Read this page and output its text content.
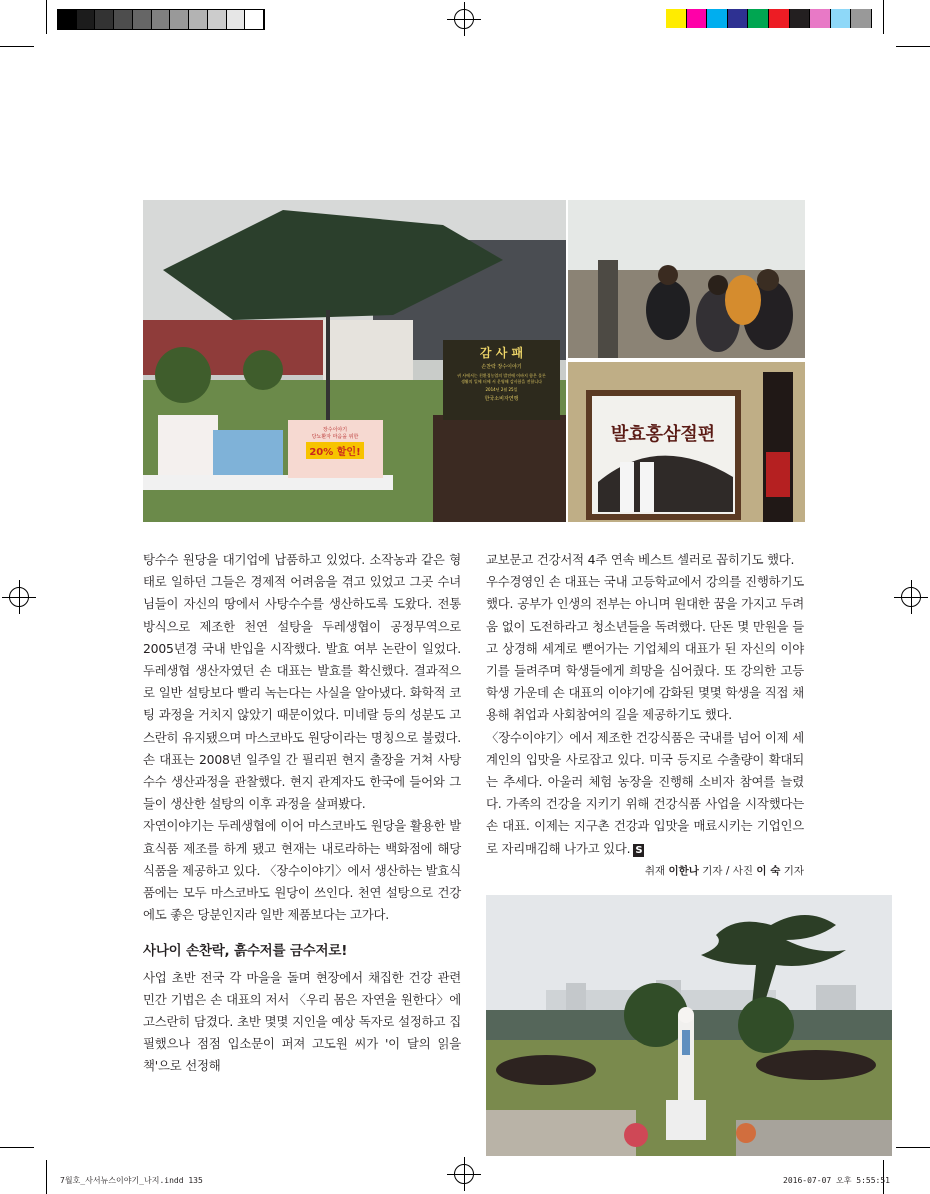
감 사 패
손찬락 장수이야기
귀 사에서는 친환경농업의 발전에 이바지 함은 물론
생활의 일에 터에 서 운영해 감사함을 전합니다
2014년 2월 25일
한국소비자연맹
장수이야기
당뇨환자 마음을 위한
20% 할인!
발효홍삼절편

탕수수 원당을 대기업에 납품하고 있었다. 소작농과 같은 형태로 일하던 그들은 경제적 어려움을 겪고 있었고 그곳 수녀님들이 자신의 땅에서 사탕수수를 생산하도록 도왔다. 전통방식으로 제조한 천연 설탕을 두레생협이 공정무역으로 2005년경 국내 반입을 시작했다. 발효 여부 논란이 일었다. 두레생협 생산자였던 손 대표는 발효를 확신했다. 결과적으로 일반 설탕보다 빨리 녹는다는 사실을 알아냈다. 화학적 코팅 과정을 거치지 않았기 때문이었다. 미네랄 등의 성분도 고스란히 유지됐으며 마스코바도 원당이라는 명칭으로 불렸다. 손 대표는 2008년 일주일 간 필리핀 현지 출장을 거쳐 사탕수수 생산과정을 관찰했다. 현지 관계자도 한국에 들어와 그들이 생산한 설탕의 이후 과정을 살펴봤다.

자연이야기는 두레생협에 이어 마스코바도 원당을 활용한 발효식품 제조를 하게 됐고 현재는 내로라하는 백화점에 해당 식품을 제공하고 있다. 〈장수이야기〉에서 생산하는 발효식품에는 모두 마스코바도 원당이 쓰인다. 천연 설탕으로 건강에도 좋은 당분인지라 일반 제품보다는 고가다.

사나이 손찬락, 흙수저를 금수저로!

사업 초반 전국 각 마을을 돌며 현장에서 채집한 건강 관련 민간 기법은 손 대표의 저서 〈우리 몸은 자연을 원한다〉에 고스란히 담겼다. 초반 몇몇 지인을 예상 독자로 설정하고 집필했으나 점점 입소문이 퍼져 고도원 씨가 '이 달의 읽을 책'으로 선정해

교보문고 건강서적 4주 연속 베스트 셀러로 꼽히기도 했다.

우수경영인 손 대표는 국내 고등학교에서 강의를 진행하기도 했다. 공부가 인생의 전부는 아니며 원대한 꿈을 가지고 두려움 없이 도전하라고 청소년들을 독려했다. 단돈 몇 만원을 들고 상경해 세계로 뻗어가는 기업체의 대표가 된 자신의 이야기를 들려주며 학생들에게 희망을 심어줬다. 또 강의한 고등학생 가운데 손 대표의 이야기에 감화된 몇몇 학생을 직접 채용해 취업과 사회참여의 길을 제공하기도 했다.

〈장수이야기〉에서 제조한 건강식품은 국내를 넘어 이제 세계인의 입맛을 사로잡고 있다. 미국 등지로 수출량이 확대되는 추세다. 아울러 체험 농장을 진행해 소비자 참여를 늘렸다. 가족의 건강을 지키기 위해 건강식품 사업을 시작했다는 손 대표. 이제는 지구촌 건강과 입맛을 매료시키는 기업인으로 자리매김해 나가고 있다. S

취재 이한나 기자 / 사진 이 숙 기자
7월호_사서뉴스이야기_나지.indd 135	2016-07-07 오후 5:55:51
